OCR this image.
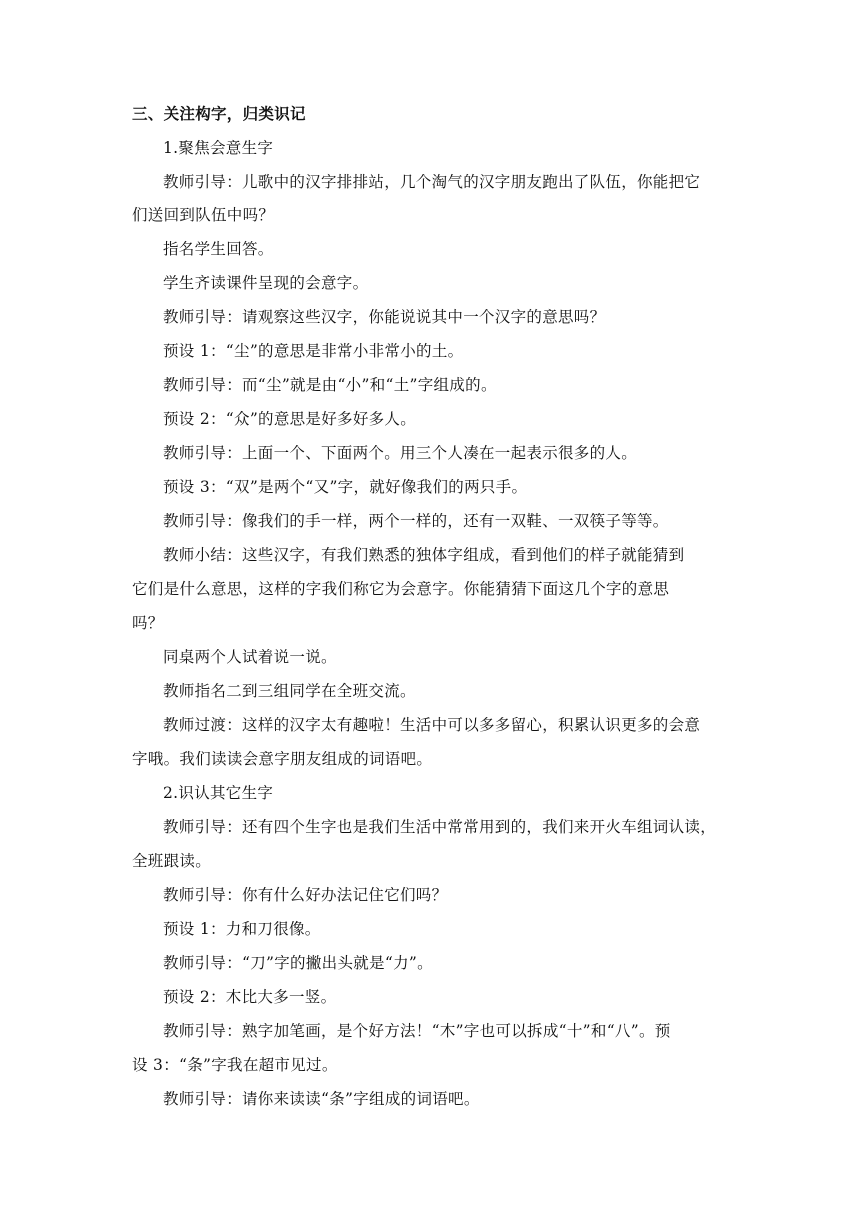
三、关注构字，归类识记
1.聚焦会意生字
教师引导：儿歌中的汉字排排站，几个淘气的汉字朋友跑出了队伍，你能把它
们送回到队伍中吗？
指名学生回答。
学生齐读课件呈现的会意字。
教师引导：请观察这些汉字，你能说说其中一个汉字的意思吗？
预设 1：“尘”的意思是非常小非常小的土。
教师引导：而“尘”就是由“小”和“土”字组成的。
预设 2：“众”的意思是好多好多人。
教师引导：上面一个、下面两个。用三个人凑在一起表示很多的人。
预设 3：“双”是两个“又”字，就好像我们的两只手。
教师引导：像我们的手一样，两个一样的，还有一双鞋、一双筷子等等。
教师小结：这些汉字，有我们熟悉的独体字组成，看到他们的样子就能猜到
它们是什么意思，这样的字我们称它为会意字。你能猜猜下面这几个字的意思
吗？
同桌两个人试着说一说。
教师指名二到三组同学在全班交流。
教师过渡：这样的汉字太有趣啦！生活中可以多多留心，积累认识更多的会意
字哦。我们读读会意字朋友组成的词语吧。
2.识认其它生字
教师引导：还有四个生字也是我们生活中常常用到的，我们来开火车组词认读，
全班跟读。
教师引导：你有什么好办法记住它们吗？
预设 1：力和刀很像。
教师引导：“刀”字的撇出头就是“力”。
预设 2：木比大多一竖。
教师引导：熟字加笔画，是个好方法！“木”字也可以拆成“十”和“八”。预
设 3：“条”字我在超市见过。
教师引导：请你来读读“条”字组成的词语吧。
